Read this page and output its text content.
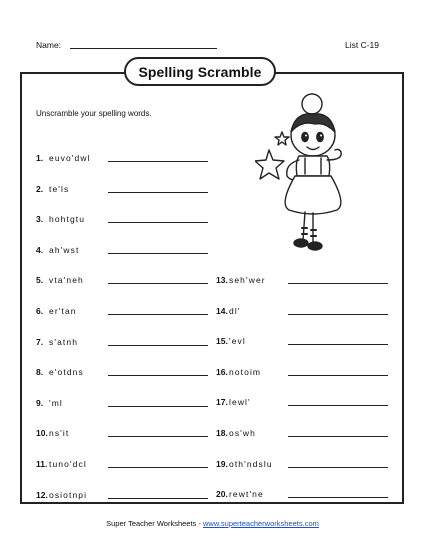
Name:	List C-19
Spelling Scramble
Unscramble your spelling words.
1. euvo'dwl
2. te'ls
3. hohtgtu
4. ah'wst
5. vta'neh
6. er'tan
7. s'atnh
8. e'otdns
9. 'ml
10. ns'it
11. tuno'dcl
12. osiotnpi
13. seh'wer
14. dl'
15. 'evl
16. notoim
17. lewl'
18. os'wh
19. oth'ndslu
20. rewt'ne
Super Teacher Worksheets - www.superteacherworksheets.com
